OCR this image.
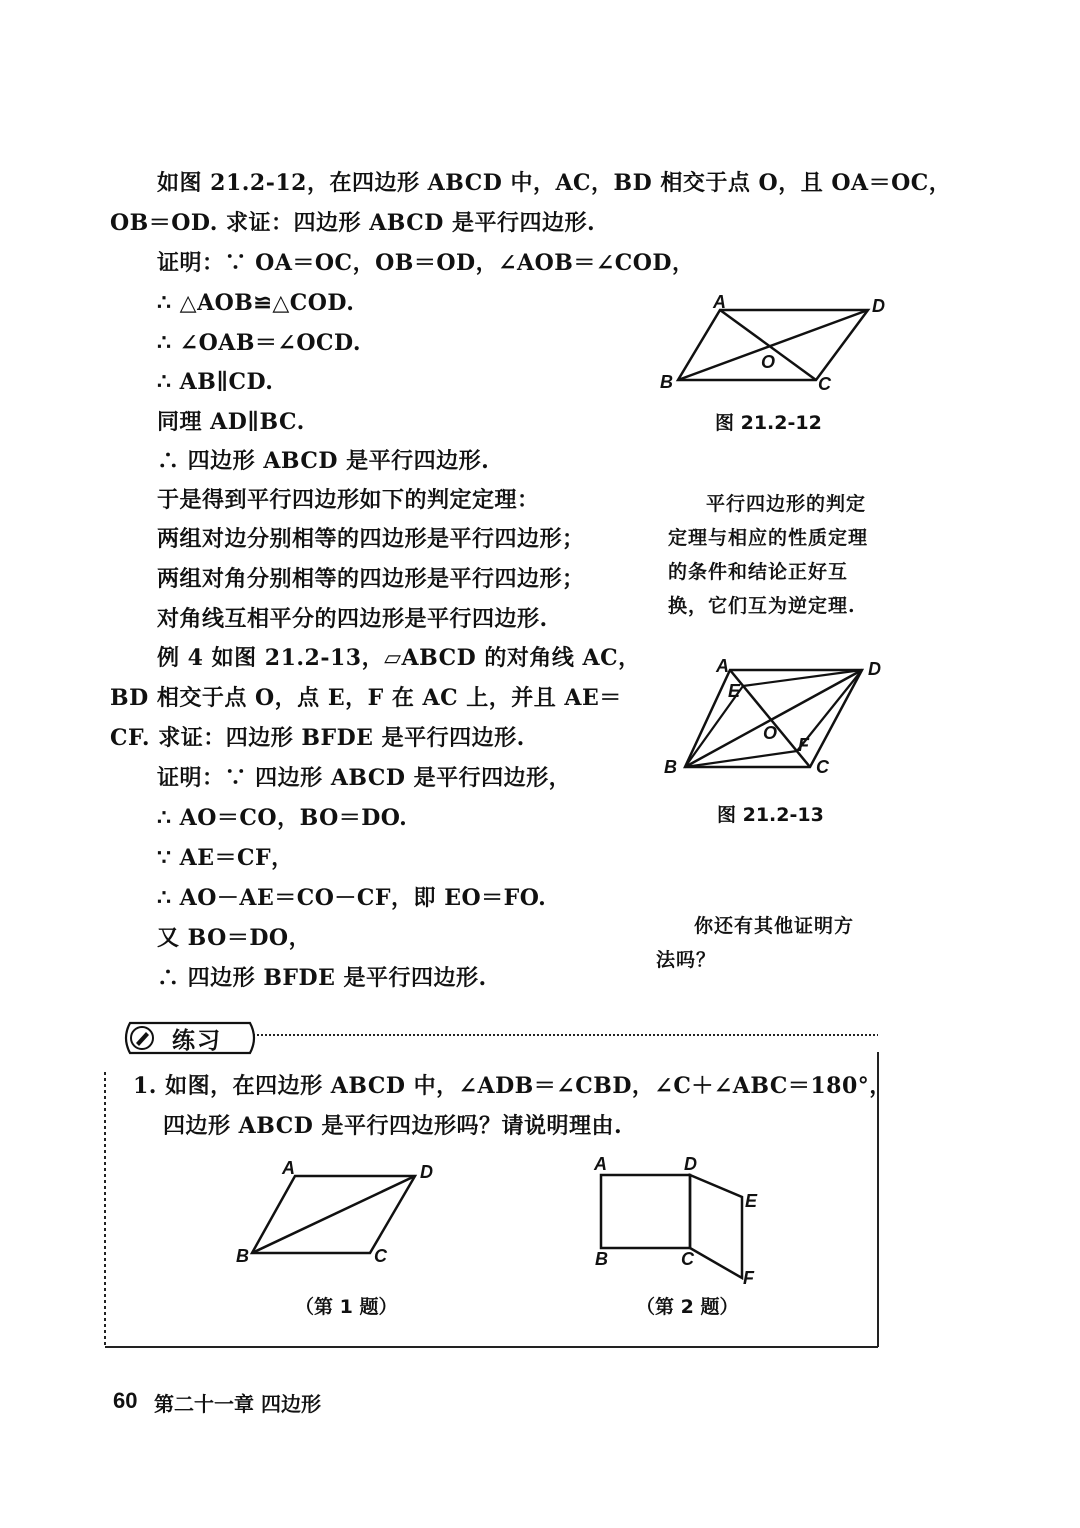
如图 21.2-12，在四边形 ABCD 中，AC，BD 相交于点 O，且 OA＝OC，
OB＝OD. 求证：四边形 ABCD 是平行四边形.
证明：∵ OA＝OC，OB＝OD，∠AOB＝∠COD，
∴ △AOB≌△COD.
∴ ∠OAB＝∠OCD.
∴ AB∥CD.
同理 AD∥BC.
∴ 四边形 ABCD 是平行四边形.
于是得到平行四边形如下的判定定理：
两组对边分别相等的四边形是平行四边形；
两组对角分别相等的四边形是平行四边形；
对角线互相平分的四边形是平行四边形.
例 4 如图 21.2-13，▱ABCD 的对角线 AC，
BD 相交于点 O，点 E，F 在 AC 上，并且 AE＝
CF. 求证：四边形 BFDE 是平行四边形.
证明：∵ 四边形 ABCD 是平行四边形，
∴ AO＝CO，BO＝DO.
∵ AE＝CF，
∴ AO－AE＝CO－CF，即 EO＝FO.
又 BO＝DO，
∴ 四边形 BFDE 是平行四边形.
A	D
B	C
O
图 21.2-12
平行四边形的判定
定理与相应的性质定理
的条件和结论正好互
换，它们互为逆定理.
A	D
E
O
F
B	C
图 21.2-13
你还有其他证明方
法吗？
练习
1. 如图，在四边形 ABCD 中，∠ADB＝∠CBD，∠C＋∠ABC＝180°，
四边形 ABCD 是平行四边形吗？请说明理由.
A	D
B	C
（第 1 题）
A	D
E
B	C
F
（第 2 题）
60 第二十一章 四边形
